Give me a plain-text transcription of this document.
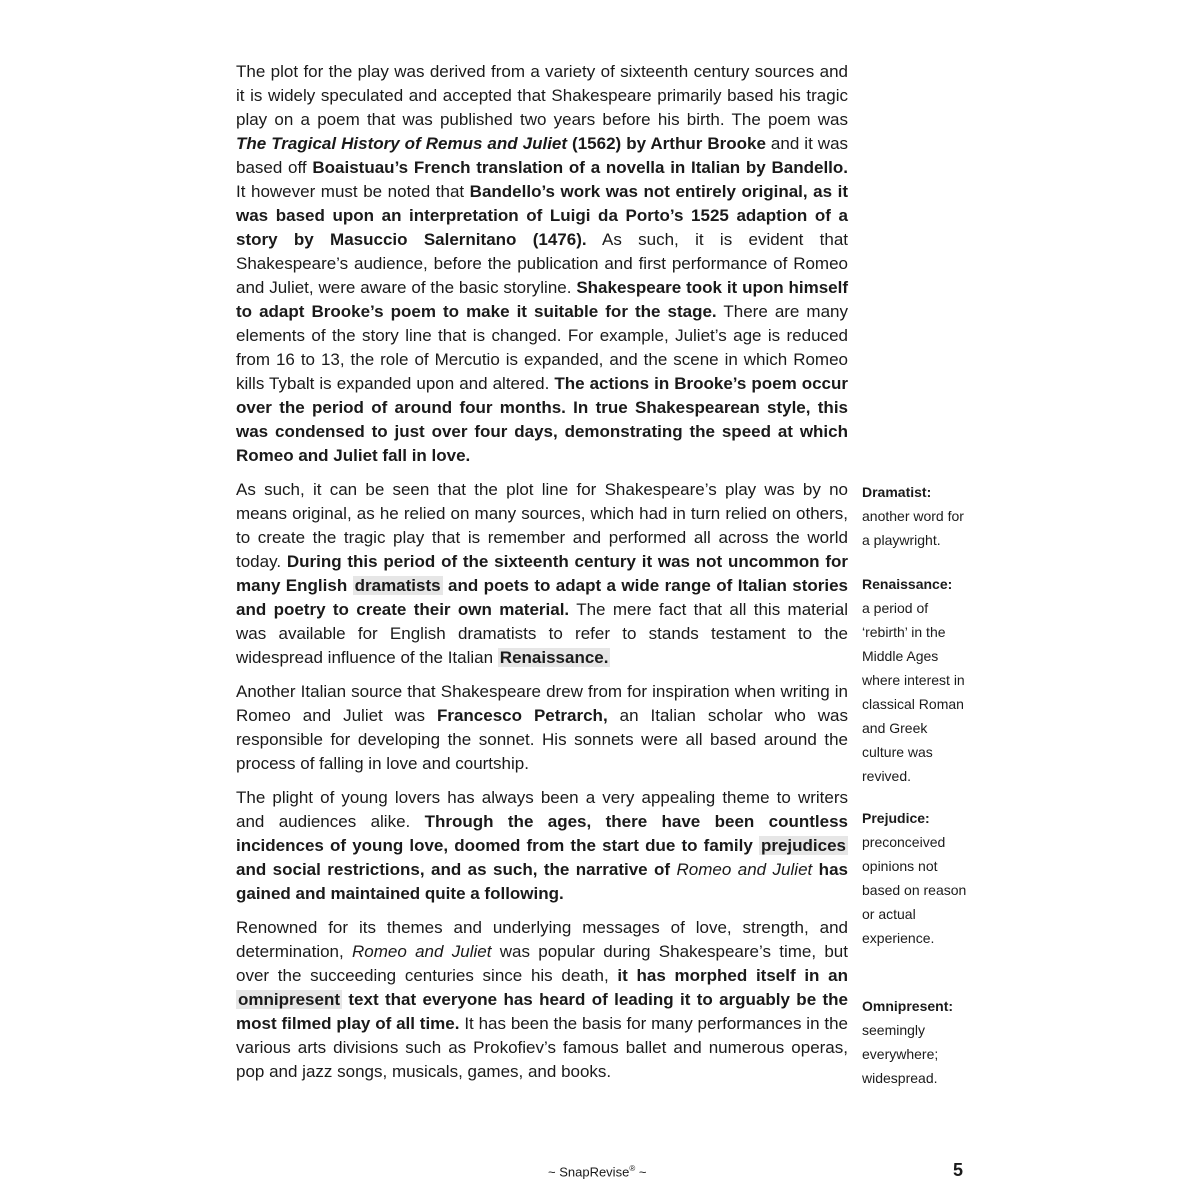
The plot for the play was derived from a variety of sixteenth century sources and it is widely speculated and accepted that Shakespeare primarily based his tragic play on a poem that was published two years before his birth. The poem was The Tragical History of Remus and Juliet (1562) by Arthur Brooke and it was based off Boaistuau’s French translation of a novella in Italian by Bandello. It however must be noted that Bandello’s work was not entirely original, as it was based upon an interpretation of Luigi da Porto’s 1525 adaption of a story by Masuccio Salernitano (1476). As such, it is evident that Shakespeare’s audience, before the publication and first performance of Romeo and Juliet, were aware of the basic storyline. Shakespeare took it upon himself to adapt Brooke’s poem to make it suitable for the stage. There are many elements of the story line that is changed. For example, Juliet’s age is reduced from 16 to 13, the role of Mercutio is expanded, and the scene in which Romeo kills Tybalt is expanded upon and altered. The actions in Brooke’s poem occur over the period of around four months. In true Shakespearean style, this was condensed to just over four days, demonstrating the speed at which Romeo and Juliet fall in love.

As such, it can be seen that the plot line for Shakespeare’s play was by no means original, as he relied on many sources, which had in turn relied on others, to create the tragic play that is remember and performed all across the world today. During this period of the sixteenth century it was not uncommon for many English dramatists and poets to adapt a wide range of Italian stories and poetry to create their own material. The mere fact that all this material was available for English dramatists to refer to stands testament to the widespread influence of the Italian Renaissance.

Another Italian source that Shakespeare drew from for inspiration when writing in Romeo and Juliet was Francesco Petrarch, an Italian scholar who was responsible for developing the sonnet. His sonnets were all based around the process of falling in love and courtship.

The plight of young lovers has always been a very appealing theme to writers and audiences alike. Through the ages, there have been countless incidences of young love, doomed from the start due to family prejudices and social restrictions, and as such, the narrative of Romeo and Juliet has gained and maintained quite a following.

Renowned for its themes and underlying messages of love, strength, and determination, Romeo and Juliet was popular during Shakespeare’s time, but over the succeeding centuries since his death, it has morphed itself in an omnipresent text that everyone has heard of leading it to arguably be the most filmed play of all time. It has been the basis for many performances in the various arts divisions such as Prokofiev’s famous ballet and numerous operas, pop and jazz songs, musicals, games, and books.

Dramatist:
another word for a playwright.
Renaissance:
a period of ‘rebirth’ in the Middle Ages where interest in classical Roman and Greek culture was revived.
Prejudice:
preconceived opinions not based on reason or actual experience.
Omnipresent:
seemingly everywhere; widespread.
~ SnapRevise® ~	5
